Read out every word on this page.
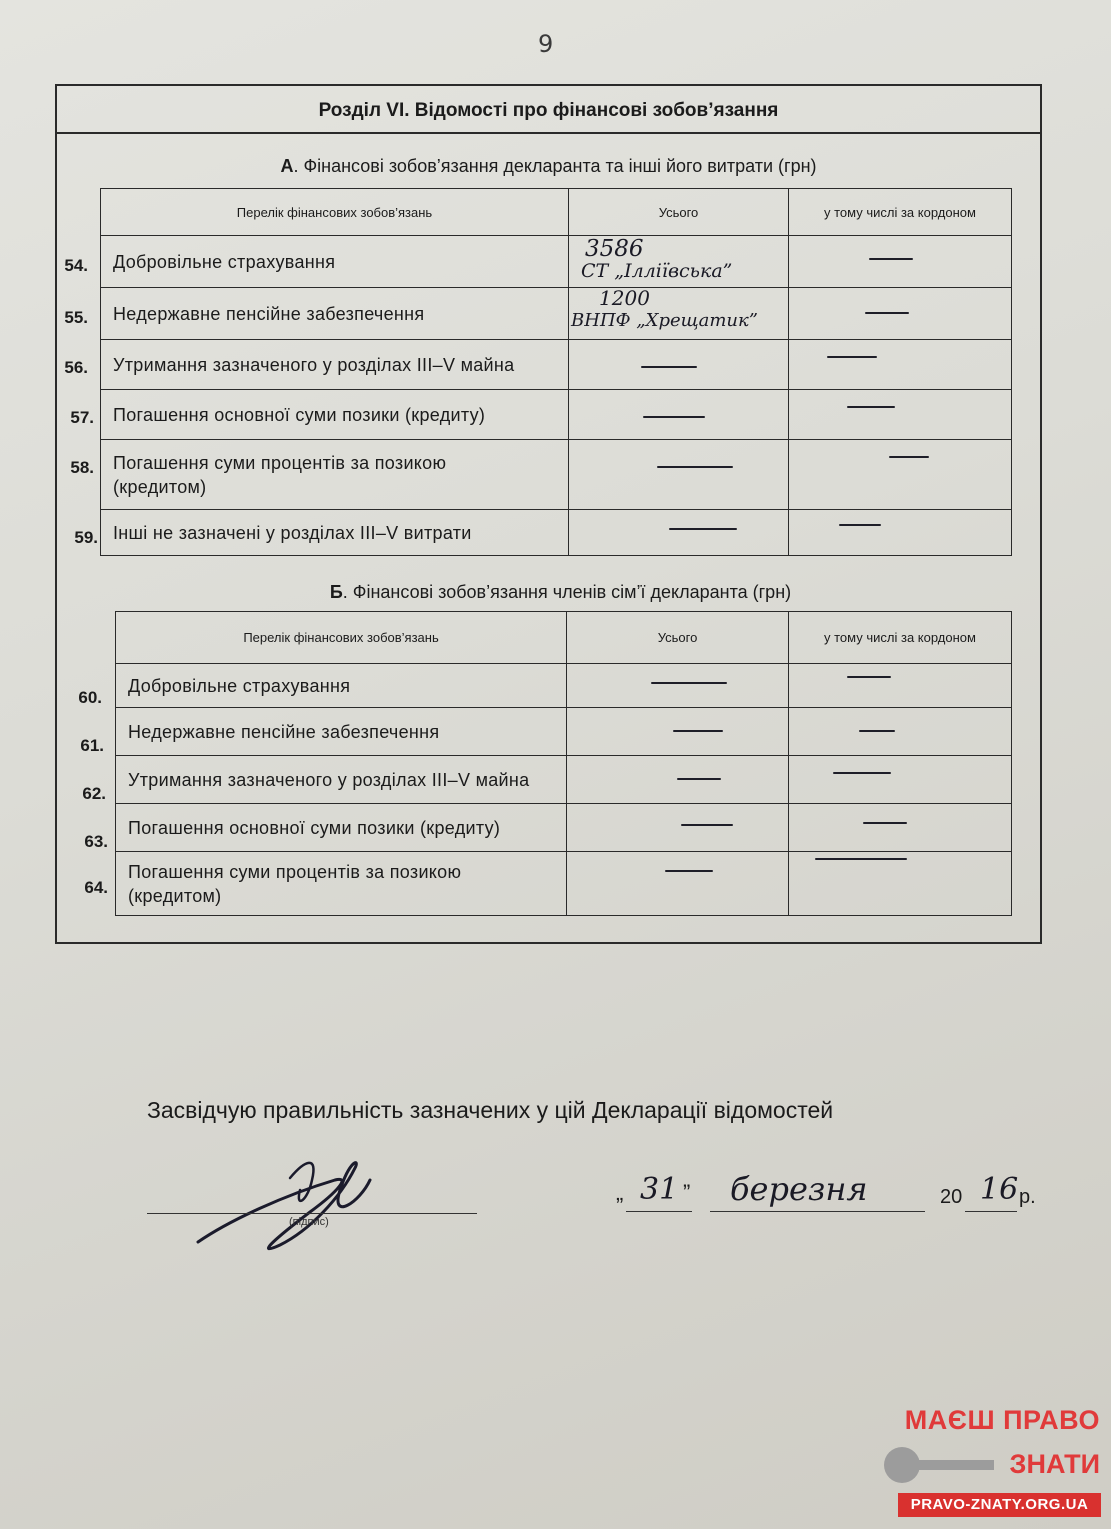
9
Розділ VI. Відомості про фінансові зобов’язання
А. Фінансові зобов’язання декларанта та інші його витрати (грн)
Перелік фінансових зобов’язань	Усього	у тому числі за кордоном
Добровільне страхування	3586
СТ „Ілліївська”	

Недержавне пенсійне забезпечення	1200
ВНПФ „Хрещатик”	

Утримання зазначеного у розділах III–V майна	

Погашення основної суми позики (кредиту)	

Погашення суми процентів за позикою
(кредитом)	

Інші не зазначені у розділах III–V витрати	

Б. Фінансові зобов’язання членів сім’ї декларанта (грн)
Перелік фінансових зобов’язань	Усього	у тому числі за кордоном
Добровільне страхування	

Недержавне пенсійне забезпечення	

Утримання зазначеного у розділах III–V майна	

Погашення основної суми позики (кредиту)	

Погашення суми процентів за позикою
(кредитом)	

54.
55.
56.
57.
58.
59.
60.
61.
62.
63.
64.
Засвідчую правильність зазначених у цій Декларації відомостей
(підпис)
„ 31 ” березня	20 16 р.
МАЄШ ПРАВО
ЗНАТИ
PRAVO-ZNATY.ORG.UA
